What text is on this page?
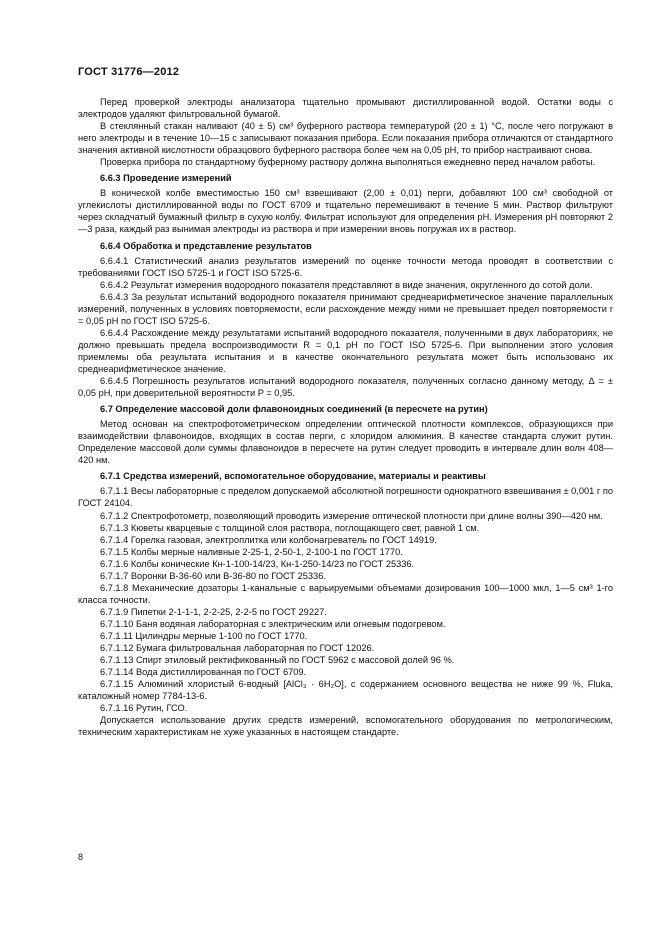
ГОСТ 31776—2012

Перед проверкой электроды анализатора тщательно промывают дистиллированной водой. Остатки воды с электродов удаляют фильтровальной бумагой.

В стеклянный стакан наливают (40 ± 5) см³ буферного раствора температурой (20 ± 1) °С, после чего погружают в него электроды и в течение 10—15 с записывают показания прибора. Если показания прибора отличаются от стандартного значения активной кислотности образцового буферного раствора более чем на 0,05 pH, то прибор настраивают снова.

Проверка прибора по стандартному буферному раствору должна выполняться ежедневно перед началом работы.

6.6.3 Проведение измерений

В конической колбе вместимостью 150 см³ взвешивают (2,00 ± 0,01) перги, добавляют 100 см³ свободной от углекислоты дистиллированной воды по ГОСТ 6709 и тщательно перемешивают в течение 5 мин. Раствор фильтруют через складчатый бумажный фильтр в сухую колбу. Фильтрат используют для определения pH. Измерения pH повторяют 2—3 раза, каждый раз вынимая электроды из раствора и при измерении вновь погружая их в раствор.

6.6.4 Обработка и представление результатов

6.6.4.1 Статистический анализ результатов измерений по оценке точности метода проводят в соответствии с требованиями ГОСТ ISO 5725-1 и ГОСТ ISO 5725-6.

6.6.4.2 Результат измерения водородного показателя представляют в виде значения, округленного до сотой доли.

6.6.4.3 За результат испытаний водородного показателя принимают среднеарифметическое значение параллельных измерений, полученных в условиях повторяемости, если расхождение между ними не превышает предел повторяемости r = 0,05 pH по ГОСТ ISO 5725-6.

6.6.4.4 Расхождение между результатами испытаний водородного показателя, полученными в двух лабораториях, не должно превышать предела воспроизводимости R = 0,1 pH по ГОСТ ISO 5725-6. При выполнении этого условия приемлемы оба результата испытания и в качестве окончательного результата может быть использовано их среднеарифметическое значение.

6.6.4.5 Погрешность результатов испытаний водородного показателя, полученных согласно данному методу, Δ = ± 0,05 pH, при доверительной вероятности P = 0,95.

6.7 Определение массовой доли флавоноидных соединений (в пересчете на рутин)

Метод основан на спектрофотометрическом определении оптической плотности комплексов, образующихся при взаимодействии флавоноидов, входящих в состав перги, с хлоридом алюминия. В качестве стандарта служит рутин. Определение массовой доли суммы флавоноидов в пересчете на рутин следует проводить в интервале длин волн 408—420 нм.

6.7.1 Средства измерений, вспомогательное оборудование, материалы и реактивы

6.7.1.1 Весы лабораторные с пределом допускаемой абсолютной погрешности однократного взвешивания ± 0,001 г по ГОСТ 24104.

6.7.1.2 Спектрофотометр, позволяющий проводить измерение оптической плотности при длине волны 390—420 нм.

6.7.1.3 Кюветы кварцевые с толщиной слоя раствора, поглощающего свет, равной 1 см.

6.7.1.4 Горелка газовая, электроплитка или колбонагреватель по ГОСТ 14919.

6.7.1.5 Колбы мерные наливные 2-25-1, 2-50-1, 2-100-1 по ГОСТ 1770.

6.7.1.6 Колбы конические Кн-1-100-14/23, Кн-1-250-14/23 по ГОСТ 25336.

6.7.1.7 Воронки В-36-60 или В-36-80 по ГОСТ 25336.

6.7.1.8 Механические дозаторы 1-канальные с варьируемыми объемами дозирования 100—1000 мкл, 1—5 см³ 1-го класса точности.

6.7.1.9 Пипетки 2-1-1-1, 2-2-25, 2-2-5 по ГОСТ 29227.

6.7.1.10 Баня водяная лабораторная с электрическим или огневым подогревом.

6.7.1.11 Цилиндры мерные 1-100 по ГОСТ 1770.

6.7.1.12 Бумага фильтровальная лабораторная по ГОСТ 12026.

6.7.1.13 Спирт этиловый ректификованный по ГОСТ 5962 с массовой долей 96 %.

6.7.1.14 Вода дистиллированная по ГОСТ 6709.

6.7.1.15 Алюминий хлористый 6-водный [AlCl₃ · 6H₂O], с содержанием основного вещества не ниже 99 %, Fluka, каталожный номер 7784-13-6.

6.7.1.16 Рутин, ГСО.

Допускается использование других средств измерений, вспомогательного оборудования по метрологическим, техническим характеристикам не хуже указанных в настоящем стандарте.

8
